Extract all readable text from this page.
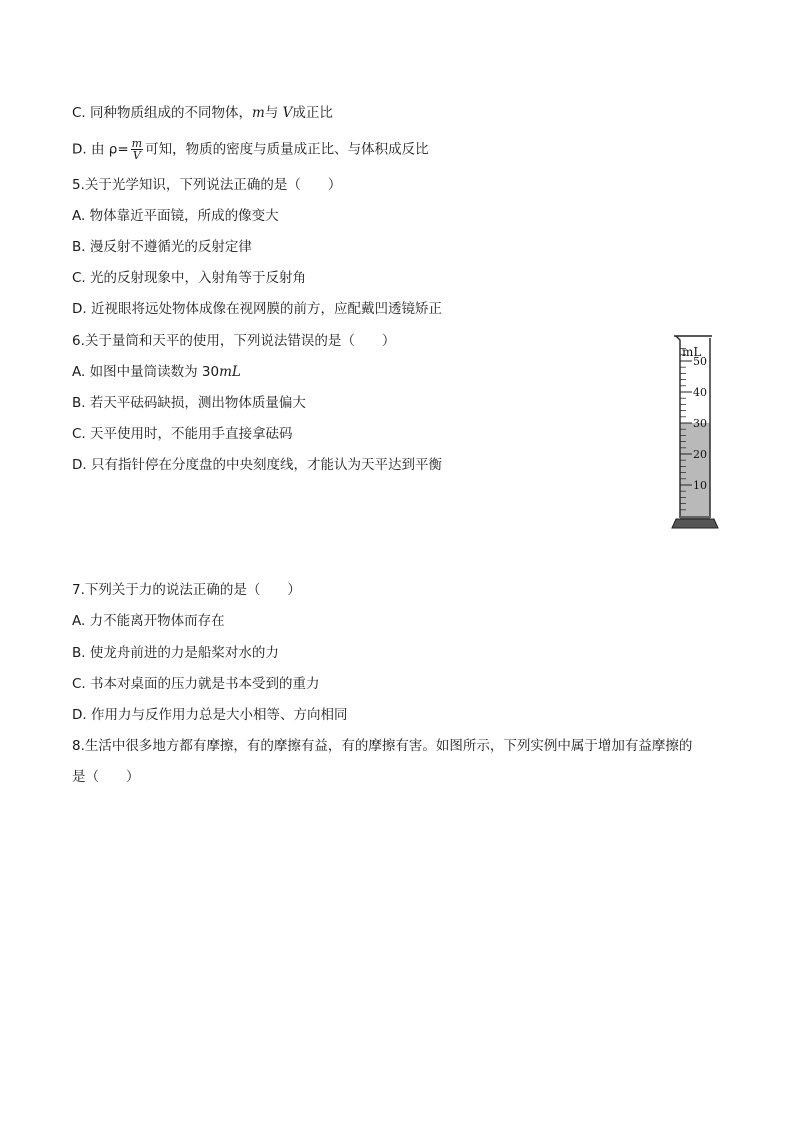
C. 同种物质组成的不同物体，m与 V成正比
D. 由 $\rho= \frac{m}{V}$ 可知，物质的密度与质量成正比、与体积成反比
5.关于光学知识，下列说法正确的是（　　）
A. 物体靠近平面镜，所成的像变大
B. 漫反射不遵循光的反射定律
C. 光的反射现象中，入射角等于反射角
D. 近视眼将远处物体成像在视网膜的前方，应配戴凹透镜矫正
6.关于量筒和天平的使用，下列说法错误的是（　　）
A. 如图中量筒读数为 30mL
B. 若天平砝码缺损，测出物体质量偏大
C. 天平使用时，不能用手直接拿砝码
D. 只有指针停在分度盘的中央刻度线，才能认为天平达到平衡
mL
50
40
30
20
10
7.下列关于力的说法正确的是（　　）
A. 力不能离开物体而存在
B. 使龙舟前进的力是船桨对水的力
C. 书本对桌面的压力就是书本受到的重力
D. 作用力与反作用力总是大小相等、方向相同
8.生活中很多地方都有摩擦，有的摩擦有益，有的摩擦有害。如图所示，下列实例中属于增加有益摩擦的
是（　　）
